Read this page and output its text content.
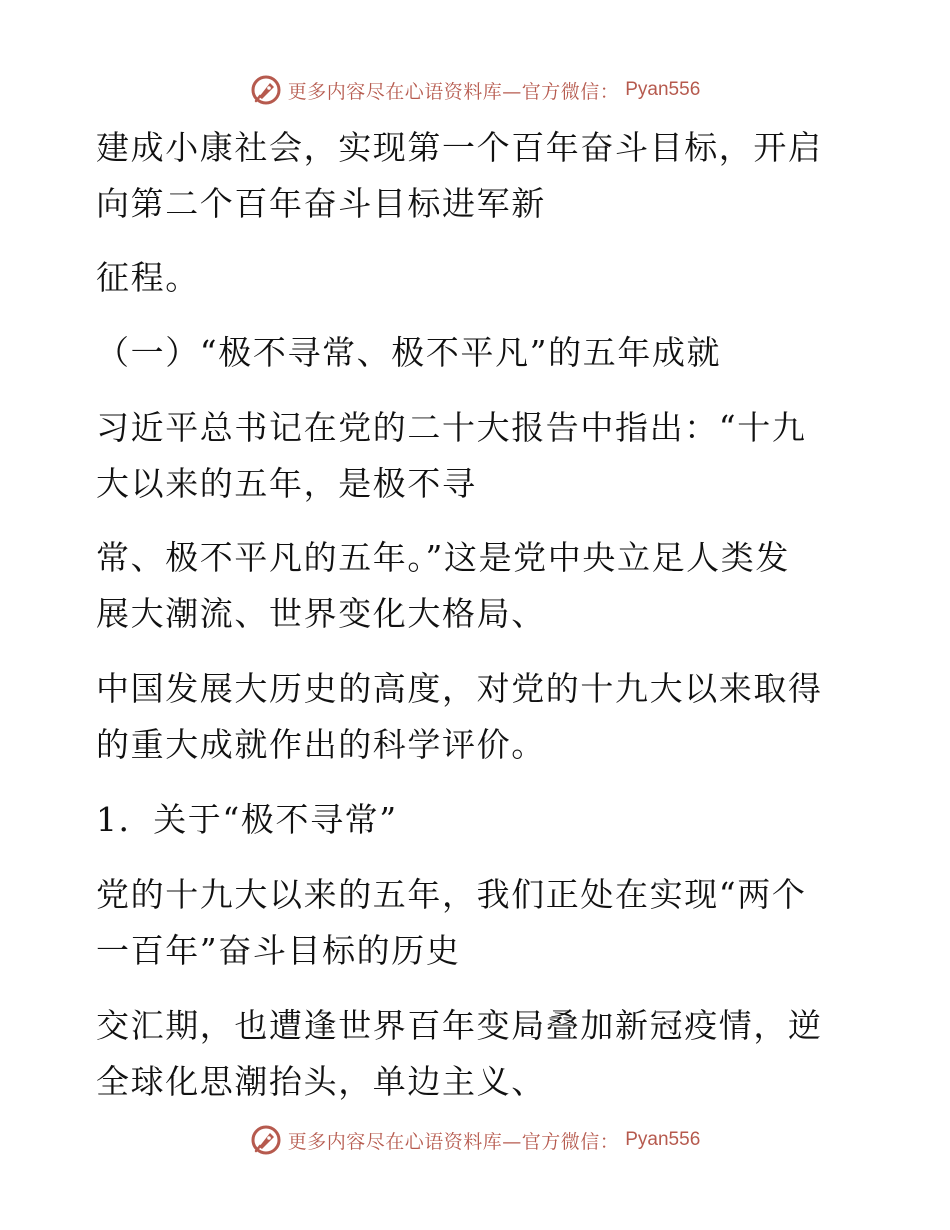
更多内容尽在心语资料库—官方微信： Pyan556
建成小康社会，实现第一个百年奋斗目标，开启
向第二个百年奋斗目标进军新
征程。
（一）“极不寻常、极不平凡”的五年成就
习近平总书记在党的二十大报告中指出：“十九
大以来的五年，是极不寻
常、极不平凡的五年。”这是党中央立足人类发
展大潮流、世界变化大格局、
中国发展大历史的高度，对党的十九大以来取得
的重大成就作出的科学评价。
1．关于“极不寻常”
党的十九大以来的五年，我们正处在实现“两个
一百年”奋斗目标的历史
交汇期，也遭逢世界百年变局叠加新冠疫情，逆
全球化思潮抬头，单边主义、
更多内容尽在心语资料库—官方微信： Pyan556
